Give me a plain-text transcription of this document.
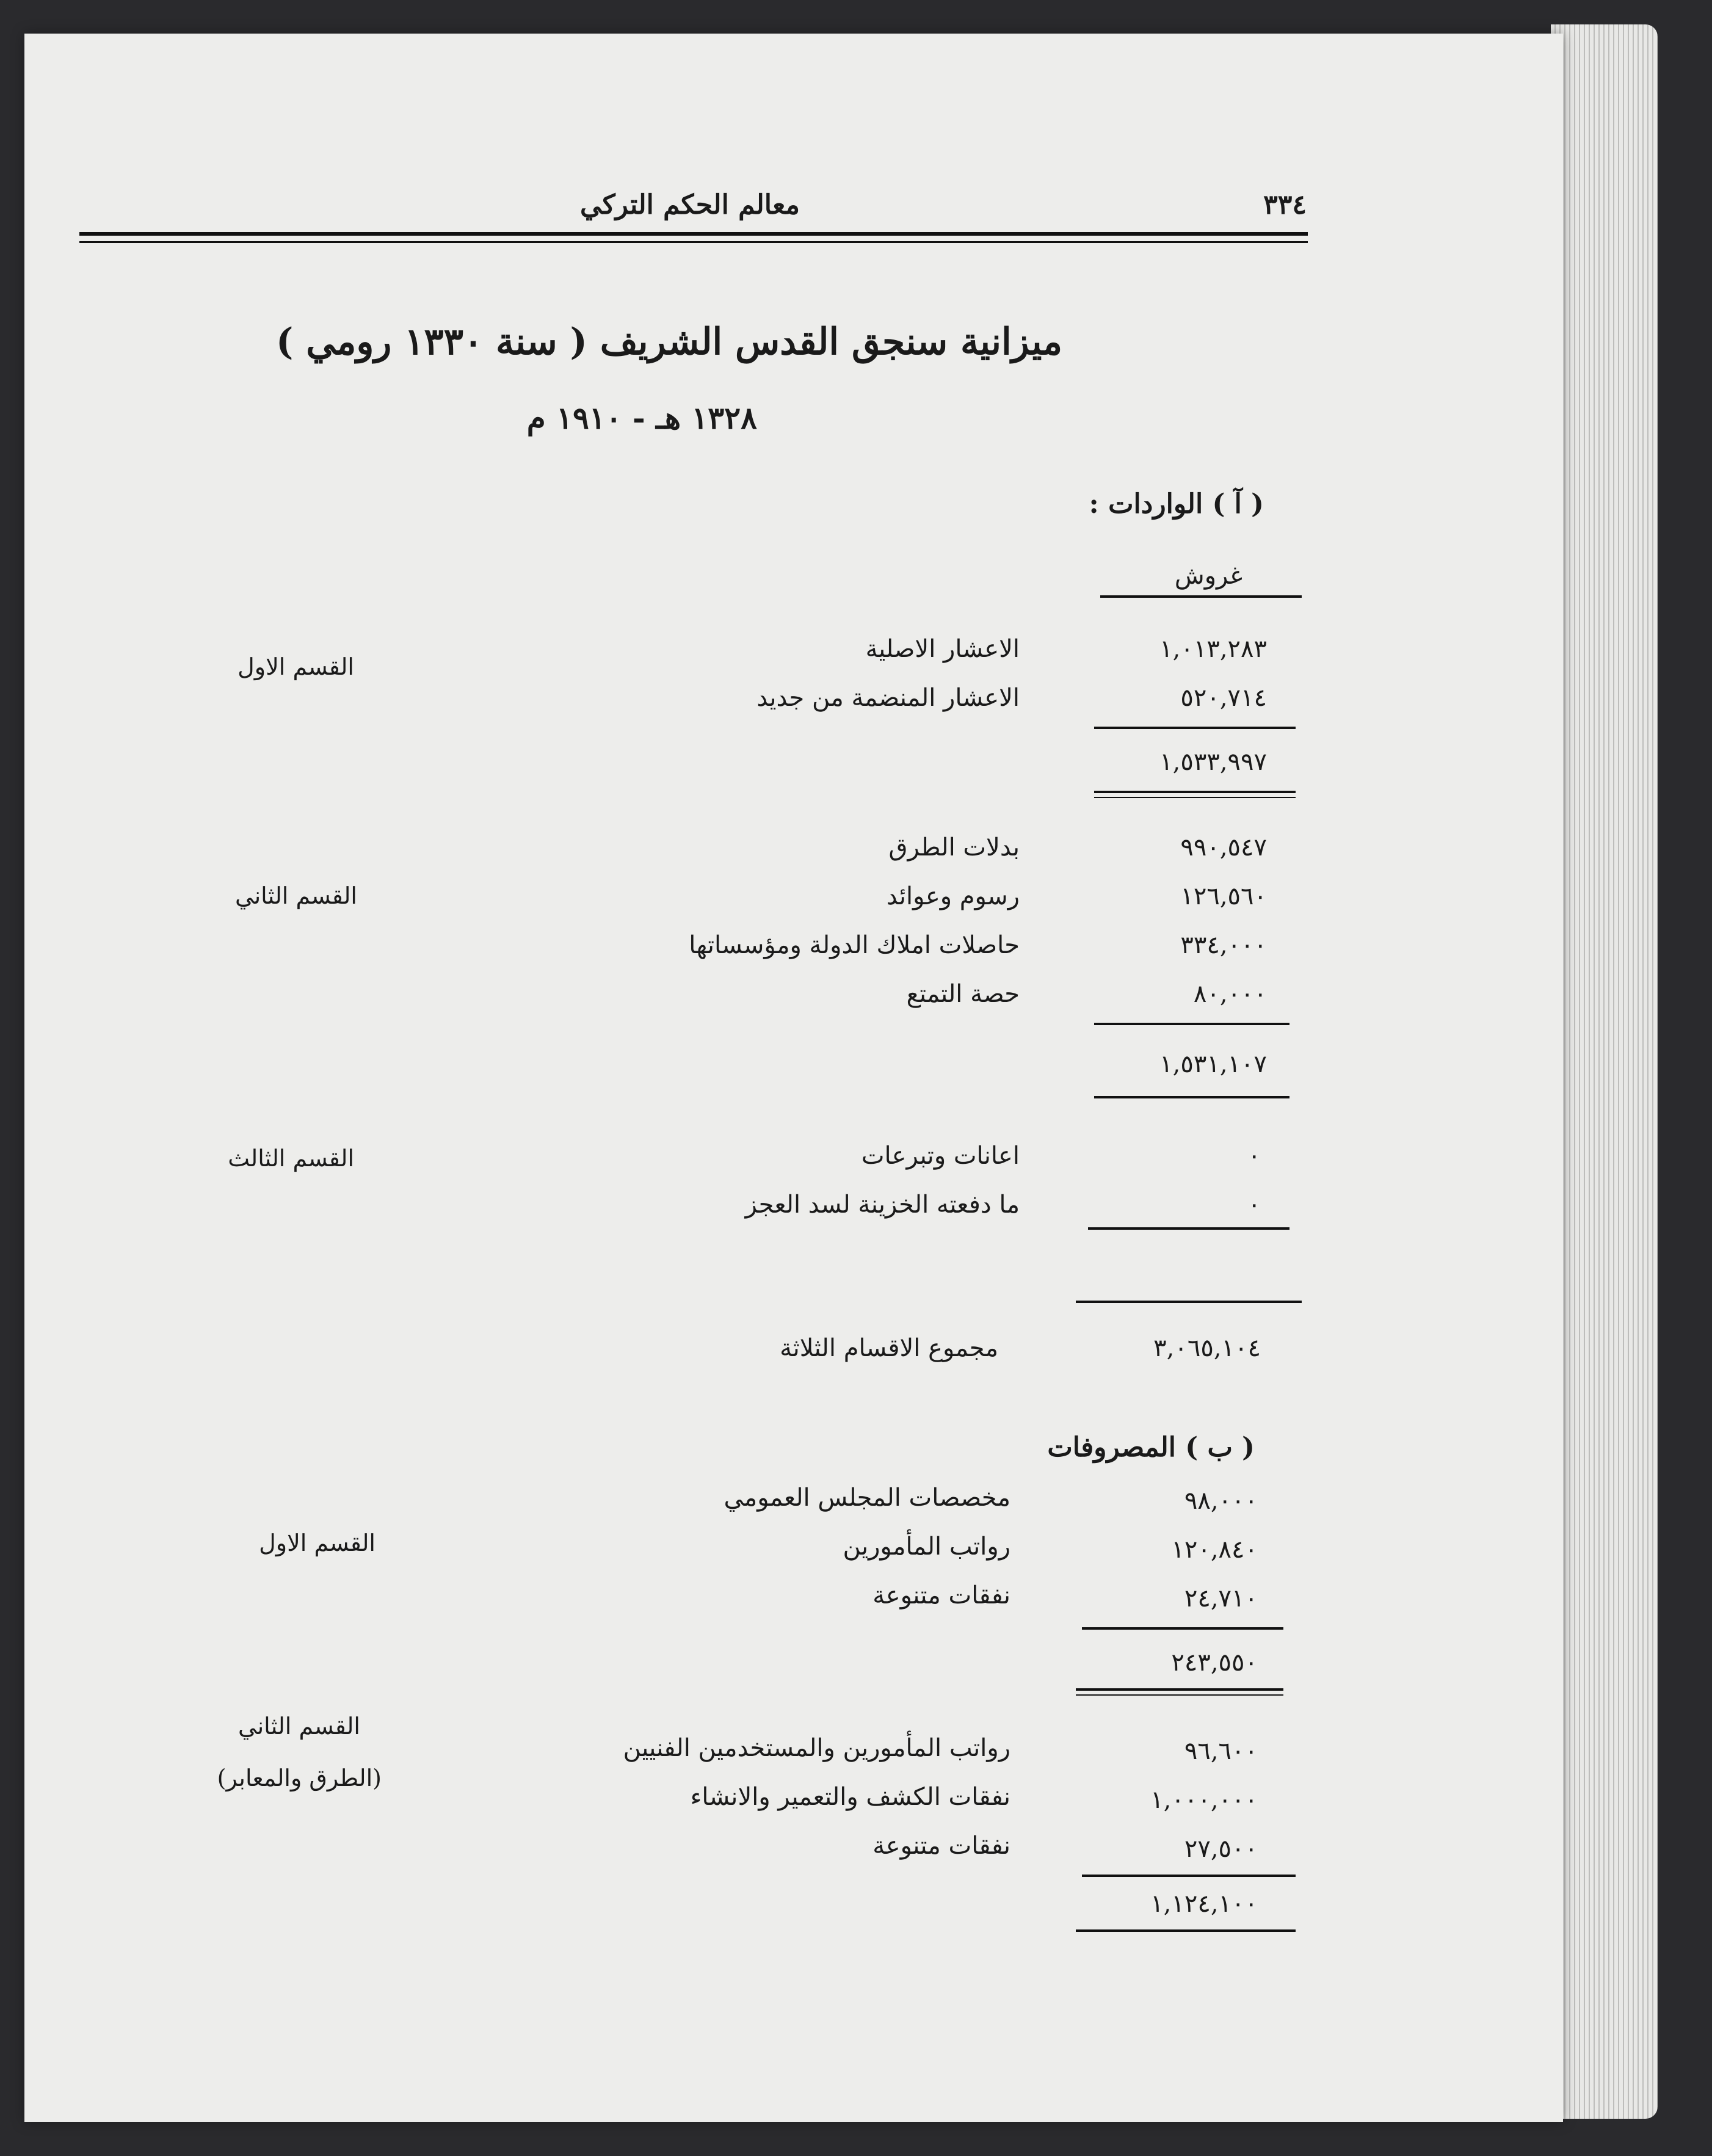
٣٣٤
معالم الحكم التركي
ميزانية سنجق القدس الشريف ( سنة ١٣٣٠ رومي )
١٣٢٨ هـ - ١٩١٠ م
( آ ) الواردات :
غروش
القسم الاول
الاعشار الاصلية	١,٠١٣,٢٨٣
الاعشار المنضمة من جديد	٥٢٠,٧١٤
١,٥٣٣,٩٩٧
القسم الثاني
بدلات الطرق	٩٩٠,٥٤٧
رسوم وعوائد	١٢٦,٥٦٠
حاصلات املاك الدولة ومؤسساتها	٣٣٤,٠٠٠
حصة التمتع	٨٠,٠٠٠
١,٥٣١,١٠٧
القسم الثالث	اعانات وتبرعات	٠
ما دفعته الخزينة لسد العجز	٠
مجموع الاقسام الثلاثة	٣,٠٦٥,١٠٤
( ب ) المصروفات
القسم الاول
مخصصات المجلس العمومي	٩٨,٠٠٠
رواتب المأمورين	١٢٠,٨٤٠
نفقات متنوعة	٢٤,٧١٠
٢٤٣,٥٥٠
القسم الثاني
(الطرق والمعابر)
رواتب المأمورين والمستخدمين الفنيين	٩٦,٦٠٠
نفقات الكشف والتعمير والانشاء	١,٠٠٠,٠٠٠
نفقات متنوعة	٢٧,٥٠٠
١,١٢٤,١٠٠
